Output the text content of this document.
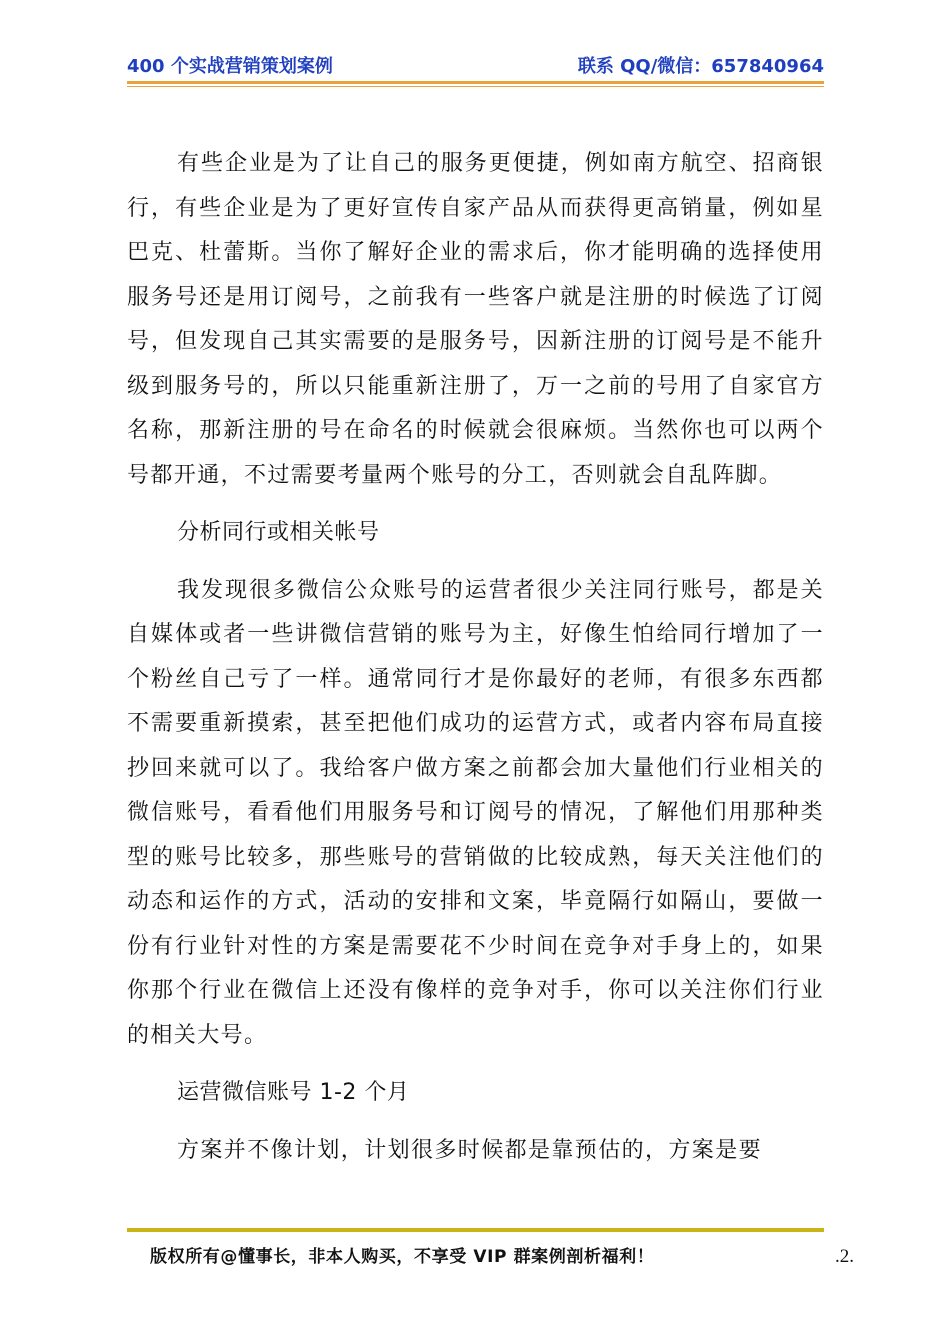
400 个实战营销策划案例	联系 QQ/微信：657840964

有些企业是为了让自己的服务更便捷，例如南方航空、招商银行，有些企业是为了更好宣传自家产品从而获得更高销量，例如星巴克、杜蕾斯。当你了解好企业的需求后，你才能明确的选择使用服务号还是用订阅号，之前我有一些客户就是注册的时候选了订阅号，但发现自己其实需要的是服务号，因新注册的订阅号是不能升级到服务号的，所以只能重新注册了，万一之前的号用了自家官方名称，那新注册的号在命名的时候就会很麻烦。当然你也可以两个号都开通，不过需要考量两个账号的分工，否则就会自乱阵脚。

分析同行或相关帐号

我发现很多微信公众账号的运营者很少关注同行账号，都是关自媒体或者一些讲微信营销的账号为主，好像生怕给同行增加了一个粉丝自己亏了一样。通常同行才是你最好的老师，有很多东西都不需要重新摸索，甚至把他们成功的运营方式，或者内容布局直接抄回来就可以了。我给客户做方案之前都会加大量他们行业相关的微信账号，看看他们用服务号和订阅号的情况，了解他们用那种类型的账号比较多，那些账号的营销做的比较成熟，每天关注他们的动态和运作的方式，活动的安排和文案，毕竟隔行如隔山，要做一份有行业针对性的方案是需要花不少时间在竞争对手身上的，如果你那个行业在微信上还没有像样的竞争对手，你可以关注你们行业的相关大号。

运营微信账号 1-2 个月

方案并不像计划，计划很多时候都是靠预估的，方案是要

版权所有@懂事长，非本人购买，不享受 VIP 群案例剖析福利！	.2.
